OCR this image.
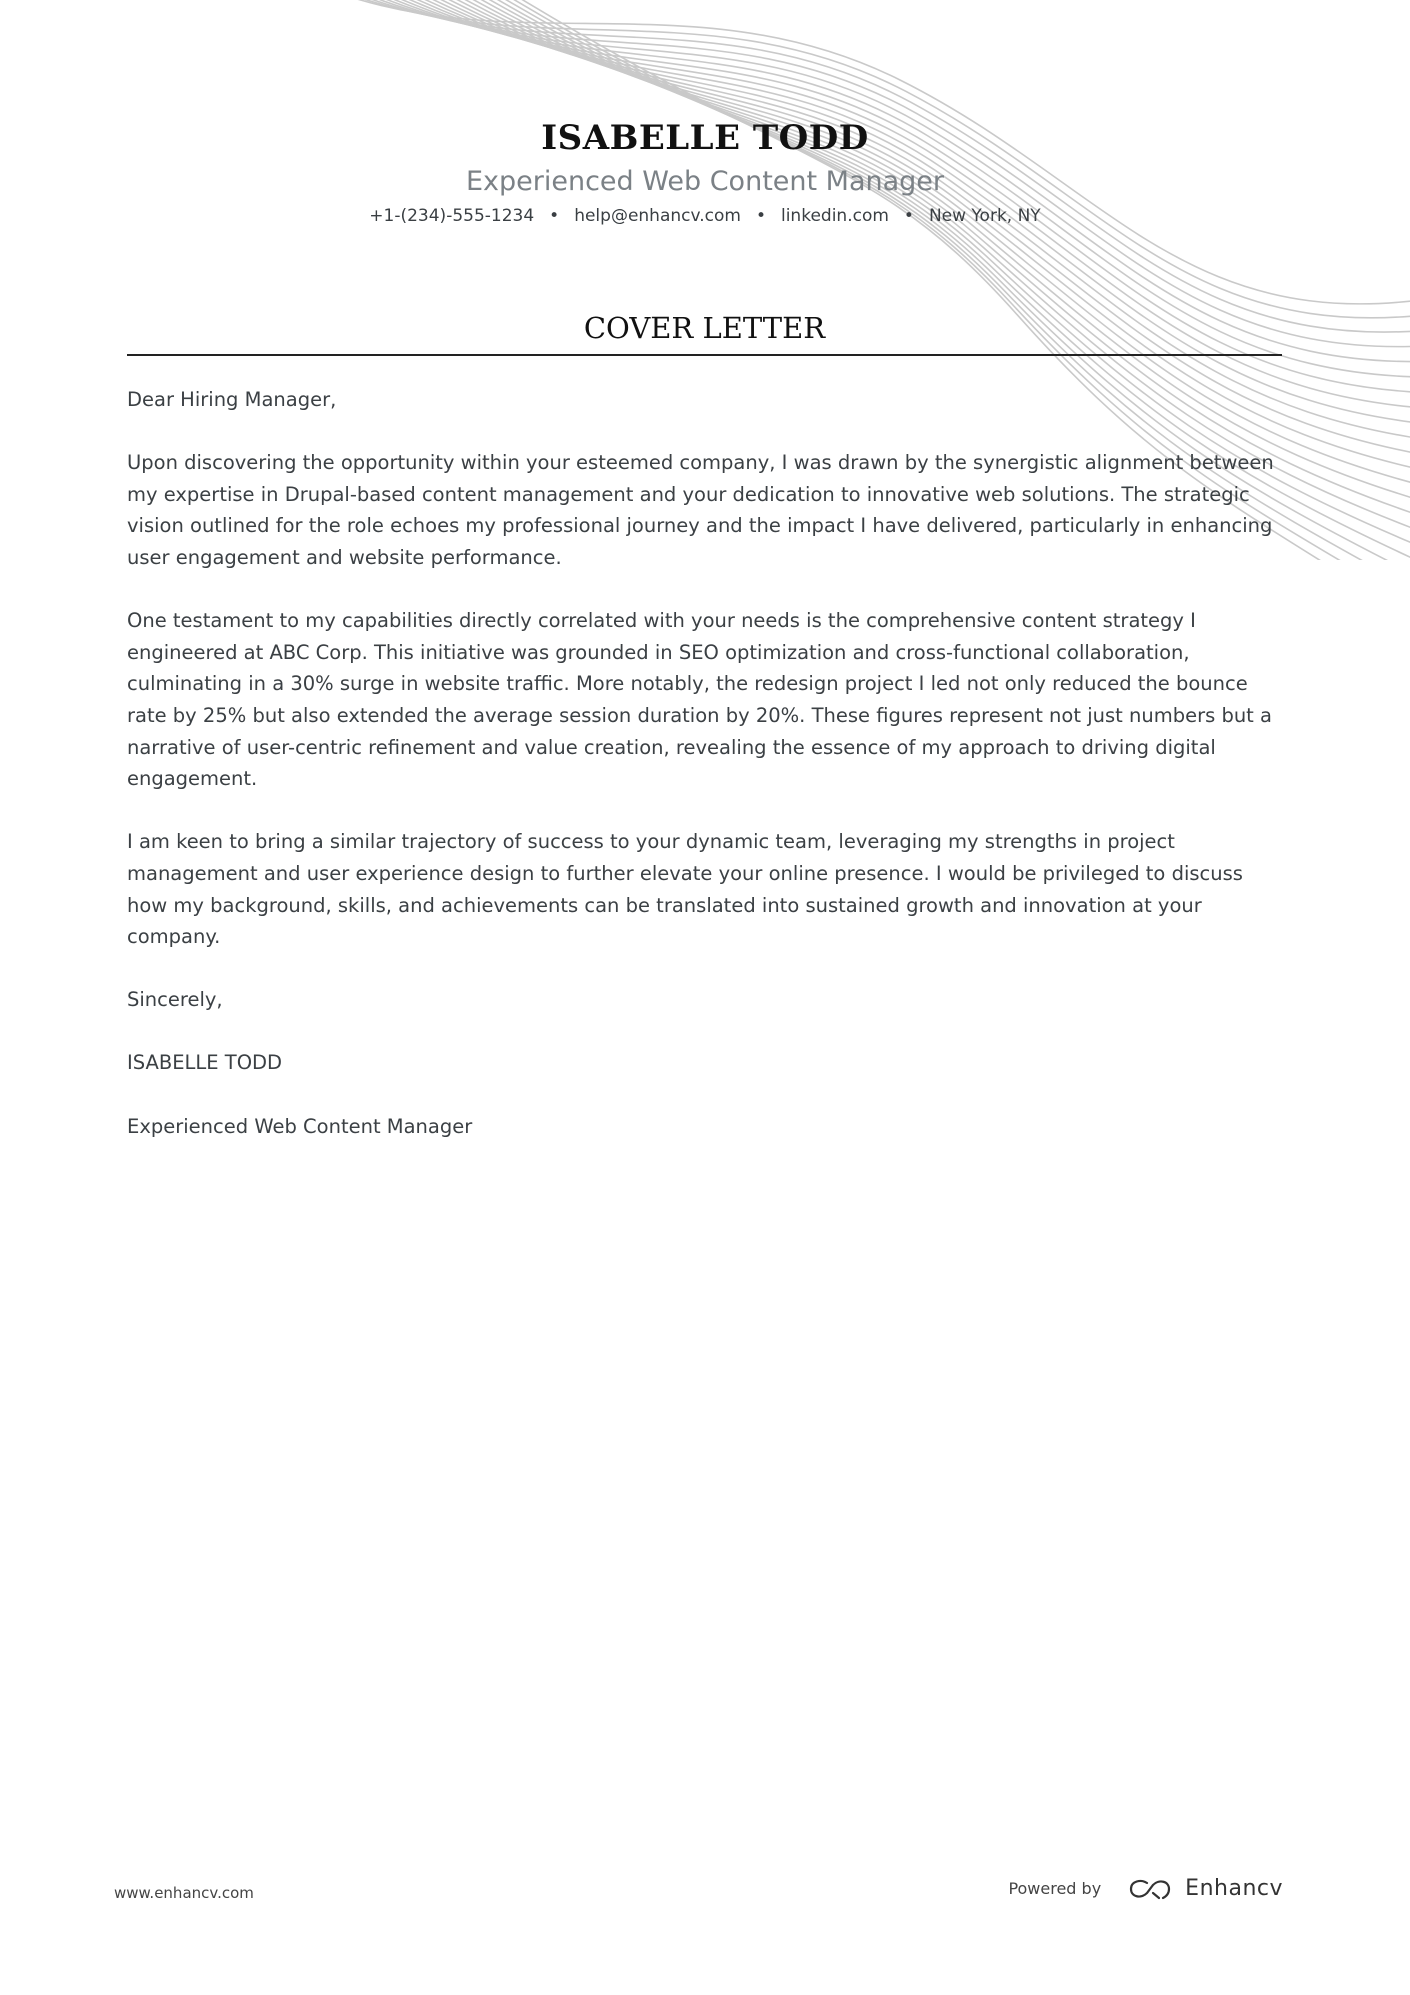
ISABELLE TODD
Experienced Web Content Manager
+1-(234)-555-1234 • help@enhancv.com • linkedin.com • New York, NY
COVER LETTER

Dear Hiring Manager,

Upon discovering the opportunity within your esteemed company, I was drawn by the synergistic alignment between my expertise in Drupal-based content management and your dedication to innovative web solutions. The strategic vision outlined for the role echoes my professional journey and the impact I have delivered, particularly in enhancing user engagement and website performance.

One testament to my capabilities directly correlated with your needs is the comprehensive content strategy I engineered at ABC Corp. This initiative was grounded in SEO optimization and cross-functional collaboration, culminating in a 30% surge in website traffic. More notably, the redesign project I led not only reduced the bounce rate by 25% but also extended the average session duration by 20%. These figures represent not just numbers but a narrative of user-centric refinement and value creation, revealing the essence of my approach to driving digital engagement.

I am keen to bring a similar trajectory of success to your dynamic team, leveraging my strengths in project management and user experience design to further elevate your online presence. I would be privileged to discuss how my background, skills, and achievements can be translated into sustained growth and innovation at your company.

Sincerely,

ISABELLE TODD

Experienced Web Content Manager

www.enhancv.com	Powered by	Enhancv
